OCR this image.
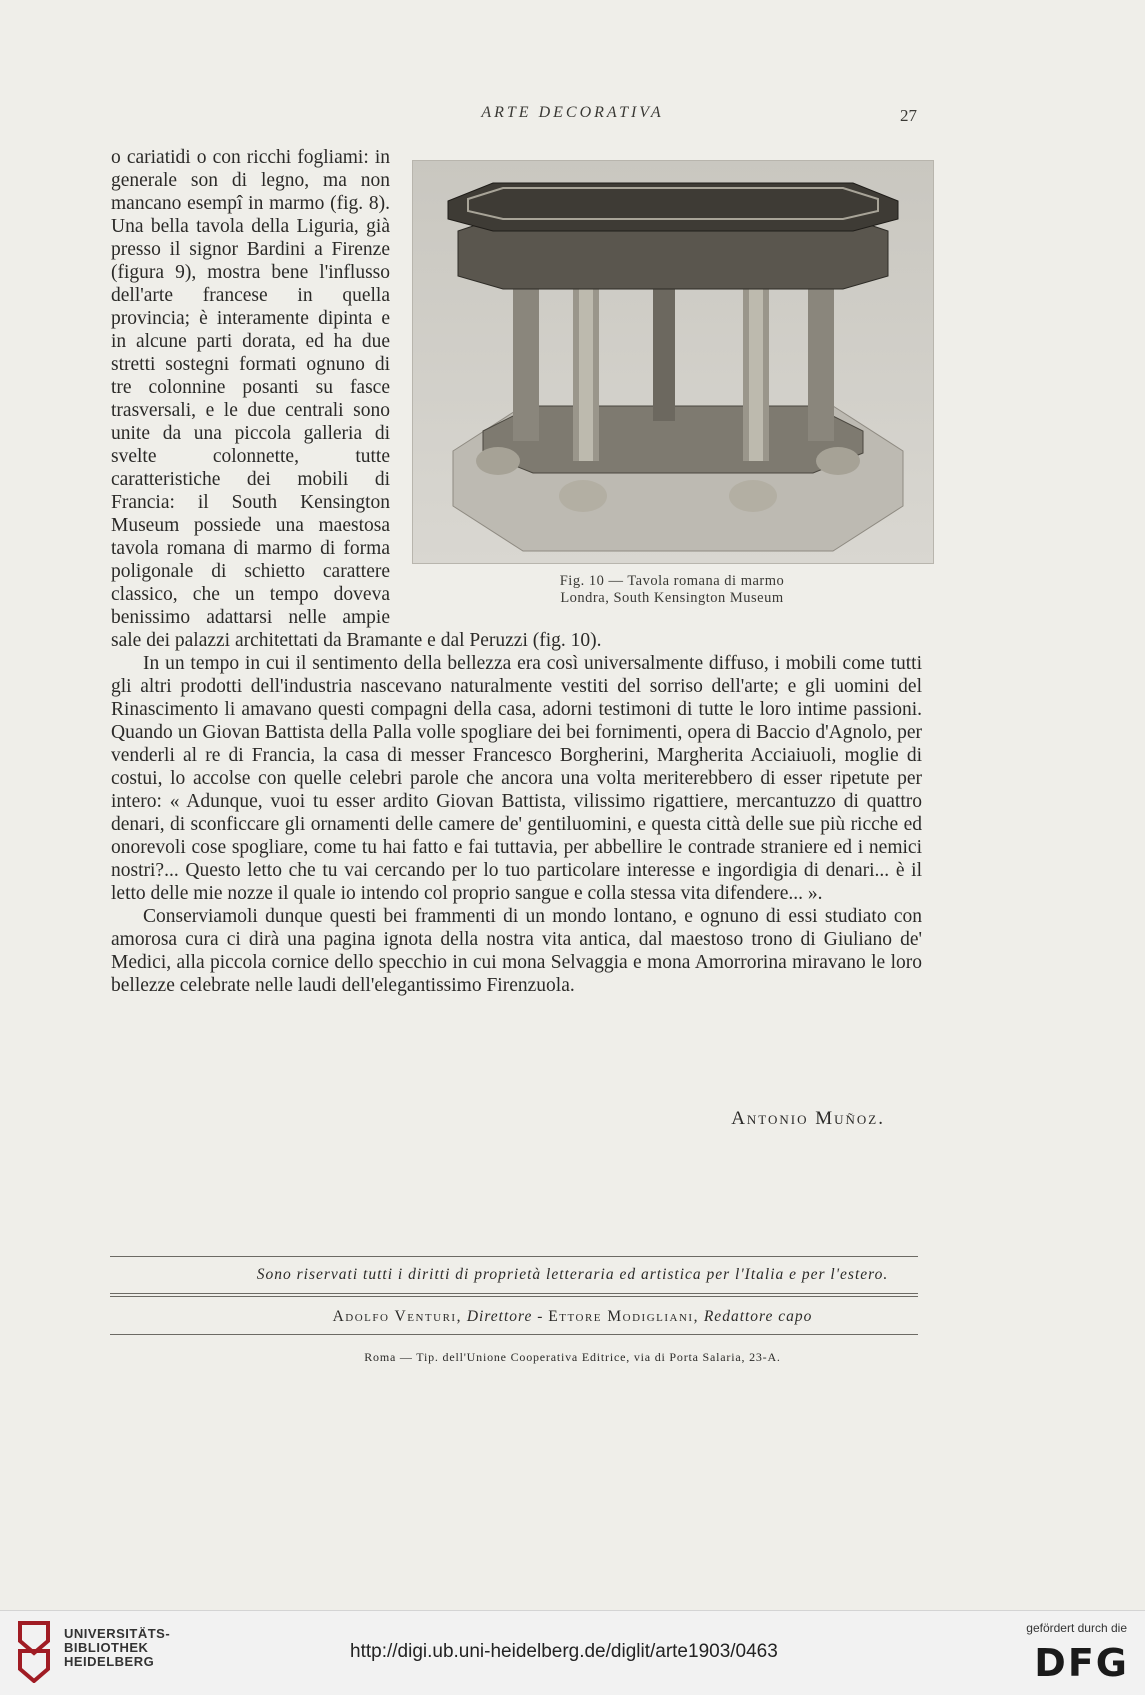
ARTE DECORATIVA	27
Fig. 10 — Tavola romana di marmo
Londra, South Kensington Museum

o cariatidi o con ricchi fogliami: in generale son di legno, ma non mancano esempî in marmo (fig. 8). Una bella tavola della Liguria, già presso il signor Bardini a Firenze (figura 9), mostra bene l'influsso dell'arte francese in quella provincia; è interamente dipinta e in alcune parti dorata, ed ha due stretti sostegni formati ognuno di tre colonnine posanti su fasce trasversali, e le due centrali sono unite da una piccola galleria di svelte colonnette, tutte caratteristiche dei mobili di Francia: il South Kensington Museum possiede una maestosa tavola romana di marmo di forma poligonale di schietto carattere classico, che un tempo doveva benissimo adattarsi nelle ampie sale dei palazzi architettati da Bramante e dal Peruzzi (fig. 10).

In un tempo in cui il sentimento della bellezza era così universalmente diffuso, i mobili come tutti gli altri prodotti dell'industria nascevano naturalmente vestiti del sorriso dell'arte; e gli uomini del Rinascimento li amavano questi compagni della casa, adorni testimoni di tutte le loro intime passioni. Quando un Giovan Battista della Palla volle spogliare dei bei fornimenti, opera di Baccio d'Agnolo, per venderli al re di Francia, la casa di messer Francesco Borgherini, Margherita Acciaiuoli, moglie di costui, lo accolse con quelle celebri parole che ancora una volta meriterebbero di esser ripetute per intero: « Adunque, vuoi tu esser ardito Giovan Battista, vilissimo rigattiere, mercantuzzo di quattro denari, di sconficcare gli ornamenti delle camere de' gentiluomini, e questa città delle sue più ricche ed onorevoli cose spogliare, come tu hai fatto e fai tuttavia, per abbellire le contrade straniere ed i nemici nostri?... Questo letto che tu vai cercando per lo tuo particolare interesse e ingordigia di denari... è il letto delle mie nozze il quale io intendo col proprio sangue e colla stessa vita difendere... ».

Conserviamoli dunque questi bei frammenti di un mondo lontano, e ognuno di essi studiato con amorosa cura ci dirà una pagina ignota della nostra vita antica, dal maestoso trono di Giuliano de' Medici, alla piccola cornice dello specchio in cui mona Selvaggia e mona Amorrorina miravano le loro bellezze celebrate nelle laudi dell'elegantissimo Firenzuola.

Antonio Muñoz.
Sono riservati tutti i diritti di proprietà letteraria ed artistica per l'Italia e per l'estero.
Adolfo Venturi, Direttore - Ettore Modigliani, Redattore capo
Roma — Tip. dell'Unione Cooperativa Editrice, via di Porta Salaria, 23-A.
UNIVERSITÄTS-
BIBLIOTHEK
HEIDELBERG	http://digi.ub.uni-heidelberg.de/diglit/arte1903/0463
gefördert durch die
DFG
